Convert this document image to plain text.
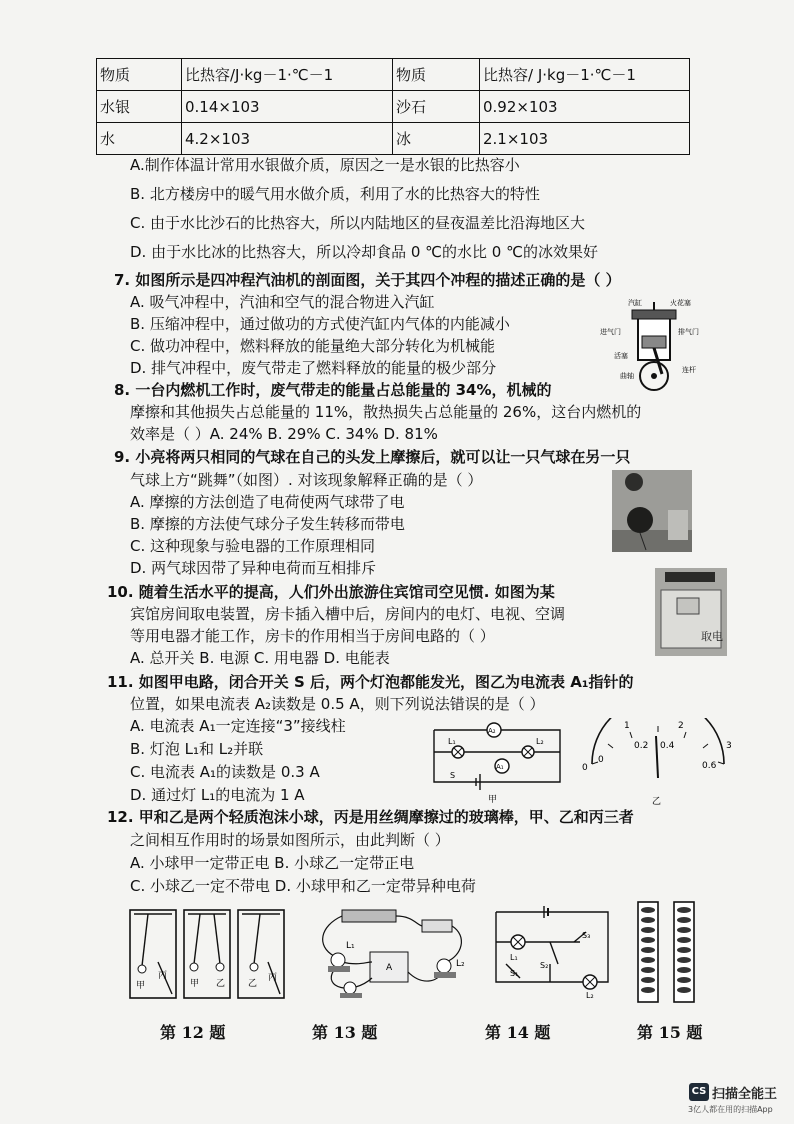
物质	比热容/J·kg－1·℃－1	物质	比热容/ J·kg－1·℃－1
水银	0.14×103	沙石	0.92×103
水	4.2×103	冰	2.1×103
A.制作体温计常用水银做介质，原因之一是水银的比热容小
B. 北方楼房中的暖气用水做介质，利用了水的比热容大的特性
C. 由于水比沙石的比热容大，所以内陆地区的昼夜温差比沿海地区大
D. 由于水比冰的比热容大，所以冷却食品 0 ℃的水比 0 ℃的冰效果好
7. 如图所示是四冲程汽油机的剖面图，关于其四个冲程的描述正确的是（ ）
A. 吸气冲程中，汽油和空气的混合物进入汽缸
B. 压缩冲程中，通过做功的方式使汽缸内气体的内能减小
C. 做功冲程中，燃料释放的能量绝大部分转化为机械能
D. 排气冲程中，废气带走了燃料释放的能量的极少部分
汽缸	火花塞
进气门	排气门
活塞
连杆
曲轴
8. 一台内燃机工作时，废气带走的能量占总能量的 34%，机械的
摩擦和其他损失占总能量的 11%，散热损失占总能量的 26%，这台内燃机的
效率是（ ）A. 24% B. 29% C. 34% D. 81%
9. 小亮将两只相同的气球在自己的头发上摩擦后，就可以让一只气球在另一只
气球上方“跳舞”（如图）. 对该现象解释正确的是（ ）
A. 摩擦的方法创造了电荷使两气球带了电
B. 摩擦的方法使气球分子发生转移而带电
C. 这种现象与验电器的工作原理相同
D. 两气球因带了异种电荷而互相排斥
10. 随着生活水平的提高，人们外出旅游住宾馆司空见惯. 如图为某
宾馆房间取电装置，房卡插入槽中后，房间内的电灯、电视、空调
等用电器才能工作，房卡的作用相当于房间电路的（ ）
A. 总开关 B. 电源 C. 用电器 D. 电能表
取电
11. 如图甲电路，闭合开关 S 后，两个灯泡都能发光，图乙为电流表 A₁指针的
位置，如果电流表 A₂读数是 0.5 A，则下列说法错误的是（ ）
A. 电流表 A₁一定连接“3”接线柱
B. 灯泡 L₁和 L₂并联
C. 电流表 A₁的读数是 0.3 A
D. 通过灯 L₁的电流为 1 A
A₂
A₁
L₁	L₂
S
甲
0
1	2
3
0
0.2 0.4
0.6
乙
12. 甲和乙是两个轻质泡沫小球，丙是用丝绸摩擦过的玻璃棒，甲、乙和丙三者
之间相互作用时的场景如图所示，由此判断（ ）
A. 小球甲一定带正电 B. 小球乙一定带正电
C. 小球乙一定不带电 D. 小球甲和乙一定带异种电荷
甲
丙
甲 乙	乙
丙
L₁
L₂
A
S₃
L₁
S₁
S₂
L₂
第 12 题	第 13 题	第 14 题	第 15 题
CS 扫描全能王
3亿人都在用的扫描App
